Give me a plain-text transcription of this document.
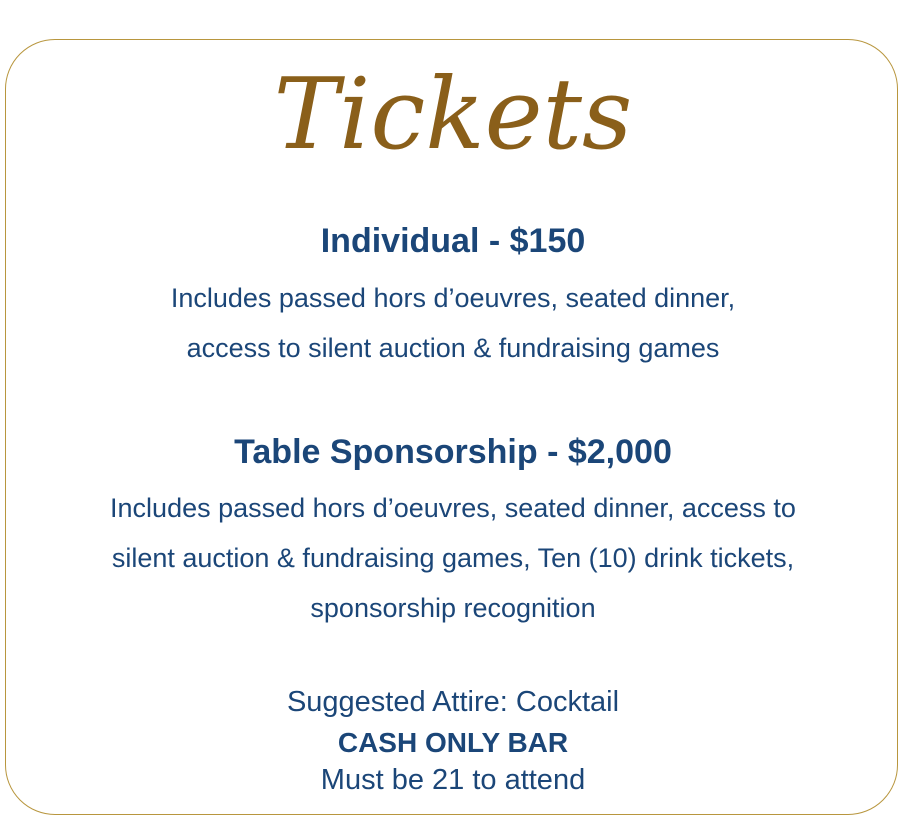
Tickets
Individual - $150
Includes passed hors d’oeuvres, seated dinner,
access to silent auction & fundraising games
Table Sponsorship - $2,000
Includes passed hors d’oeuvres, seated dinner, access to
silent auction & fundraising games, Ten (10) drink tickets,
sponsorship recognition
Suggested Attire: Cocktail
CASH ONLY BAR
Must be 21 to attend
